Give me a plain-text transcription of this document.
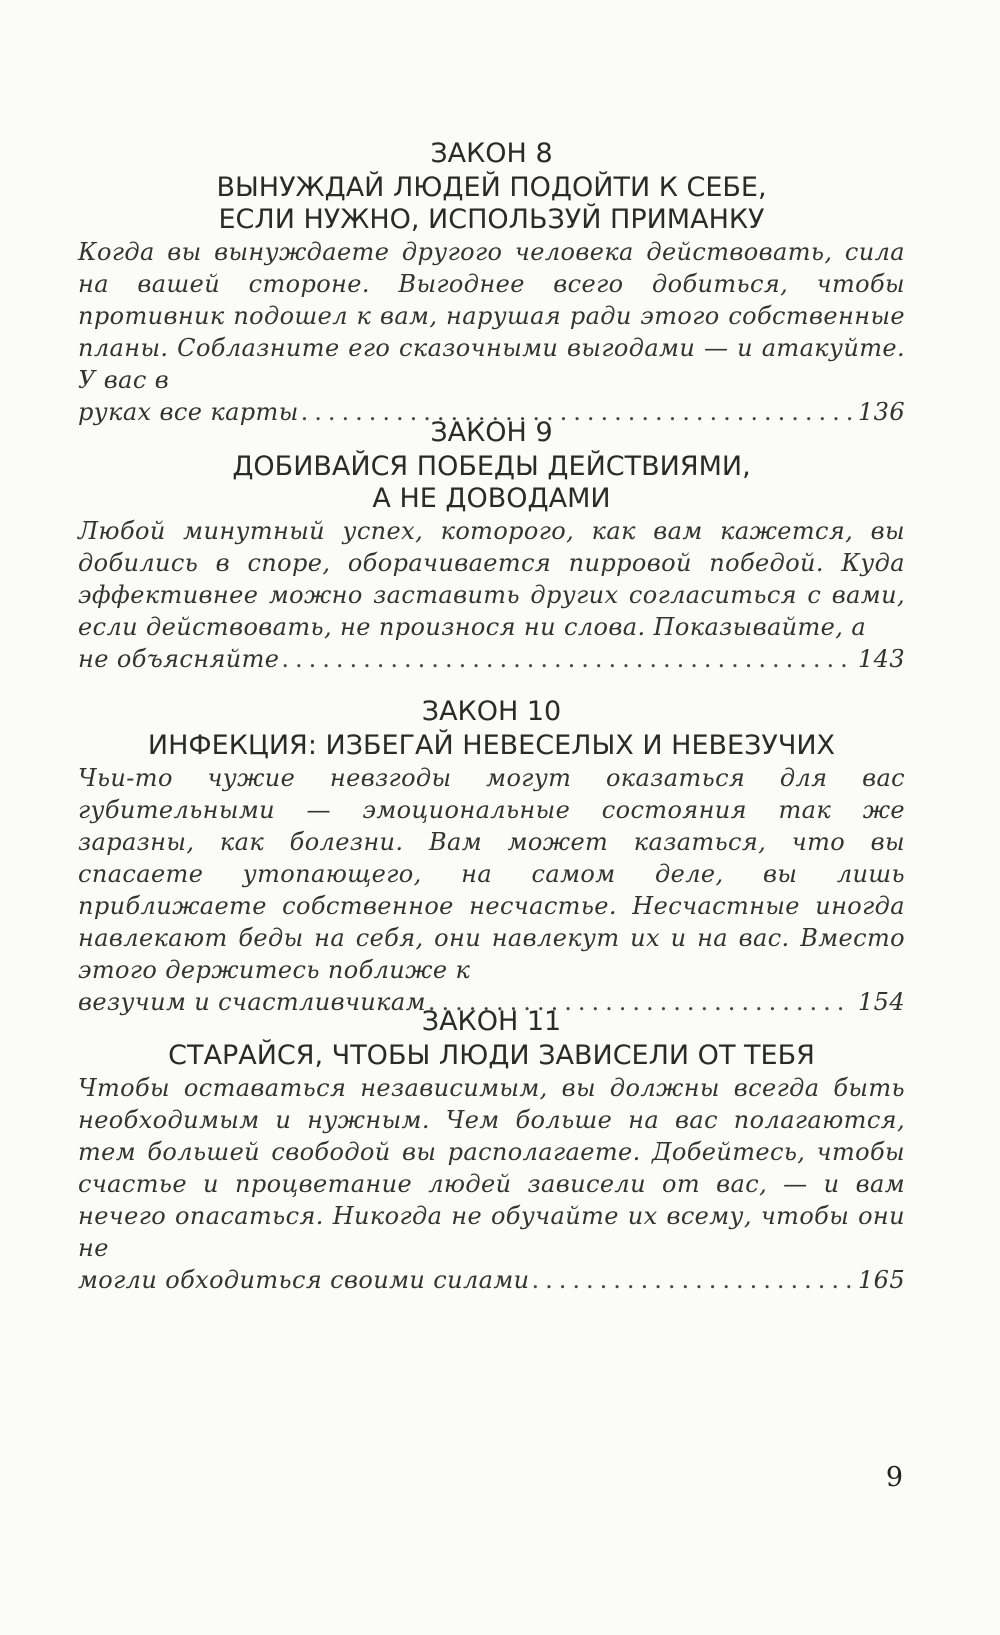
ЗАКОН 8
ВЫНУЖДАЙ ЛЮДЕЙ ПОДОЙТИ К СЕБЕ,
ЕСЛИ НУЖНО, ИСПОЛЬЗУЙ ПРИМАНКУ
Когда вы вынуждаете другого человека действовать, сила на вашей стороне. Выгоднее всего добиться, чтобы противник подошел к вам, нарушая ради этого собственные планы. Соблазните его сказочными выгодами — и атакуйте. У вас в
руках все карты .....	136
ЗАКОН 9
ДОБИВАЙСЯ ПОБЕДЫ ДЕЙСТВИЯМИ,
А НЕ ДОВОДАМИ
Любой минутный успех, которого, как вам кажется, вы добились в споре, оборачивается пирровой победой. Куда эффективнее можно заставить других согласиться с вами, если действовать, не произнося ни слова. Показывайте, а
не объясняйте .....	143
ЗАКОН 10
ИНФЕКЦИЯ: ИЗБЕГАЙ НЕВЕСЕЛЫХ И НЕВЕЗУЧИХ
Чьи-то чужие невзгоды могут оказаться для вас губительными — эмоциональные состояния так же заразны, как болезни. Вам может казаться, что вы спасаете утопающего, на самом деле, вы лишь приближаете собственное несчастье. Несчастные иногда навлекают беды на себя, они навлекут их и на вас. Вместо этого держитесь поближе к
везучим и счастливчикам .....	154
ЗАКОН 11
СТАРАЙСЯ, ЧТОБЫ ЛЮДИ ЗАВИСЕЛИ ОТ ТЕБЯ
Чтобы оставаться независимым, вы должны всегда быть необходимым и нужным. Чем больше на вас полагаются, тем большей свободой вы располагаете. Добейтесь, чтобы счастье и процветание людей зависели от вас, — и вам нечего опасаться. Никогда не обучайте их всему, чтобы они не
могли обходиться своими силами .....	165
9
